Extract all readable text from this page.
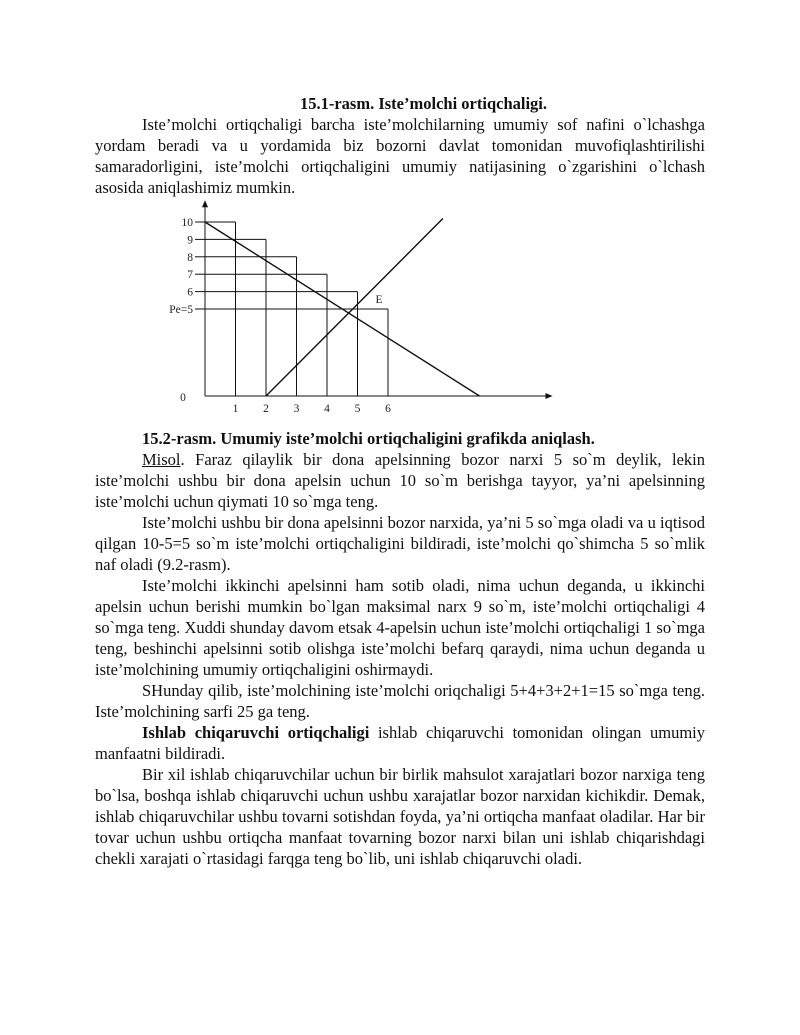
15.1-rasm. Iste’molchi ortiqchaligi.

Iste’molchi ortiqchaligi barcha iste’molchilarning umumiy sof nafini o`lchashga yordam beradi va u yordamida biz bozorni davlat tomonidan muvofiqlashtirilishi samaradorligini, iste’molchi ortiqchaligini umumiy natijasining o`zgarishini o`lchash asosida aniqlashimiz mumkin.

E
10
9
8
7
6
Pe=5
1 2 3 4 5 6
0

15.2-rasm. Umumiy iste’molchi ortiqchaligini grafikda aniqlash.

Misol. Faraz qilaylik bir dona apelsinning bozor narxi 5 so`m deylik, lekin iste’molchi ushbu bir dona apelsin uchun 10 so`m berishga tayyor, ya’ni apelsinning iste’molchi uchun qiymati 10 so`mga teng.

Iste’molchi ushbu bir dona apelsinni bozor narxida, ya’ni 5 so`mga oladi va u iqtisod qilgan 10-5=5 so`m iste’molchi ortiqchaligini bildiradi, iste’molchi qo`shimcha 5 so`mlik naf oladi (9.2-rasm).

Iste’molchi ikkinchi apelsinni ham sotib oladi, nima uchun deganda, u ikkinchi apelsin uchun berishi mumkin bo`lgan maksimal narx 9 so`m, iste’molchi ortiqchaligi 4 so`mga teng. Xuddi shunday davom etsak 4-apelsin uchun iste’molchi ortiqchaligi 1 so`mga teng, beshinchi apelsinni sotib olishga iste’molchi befarq qaraydi, nima uchun deganda u iste’molchining umumiy ortiqchaligini oshirmaydi.

SHunday qilib, iste’molchining iste’molchi oriqchaligi 5+4+3+2+1=15 so`mga teng. Iste’molchining sarfi 25 ga teng.

Ishlab chiqaruvchi ortiqchaligi ishlab chiqaruvchi tomonidan olingan umumiy manfaatni bildiradi.

Bir xil ishlab chiqaruvchilar uchun bir birlik mahsulot xarajatlari bozor narxiga teng bo`lsa, boshqa ishlab chiqaruvchi uchun ushbu xarajatlar bozor narxidan kichikdir. Demak, ishlab chiqaruvchilar ushbu tovarni sotishdan foyda, ya’ni ortiqcha manfaat oladilar. Har bir tovar uchun ushbu ortiqcha manfaat tovarning bozor narxi bilan uni ishlab chiqarishdagi chekli xarajati o`rtasidagi farqga teng bo`lib, uni ishlab chiqaruvchi oladi.
